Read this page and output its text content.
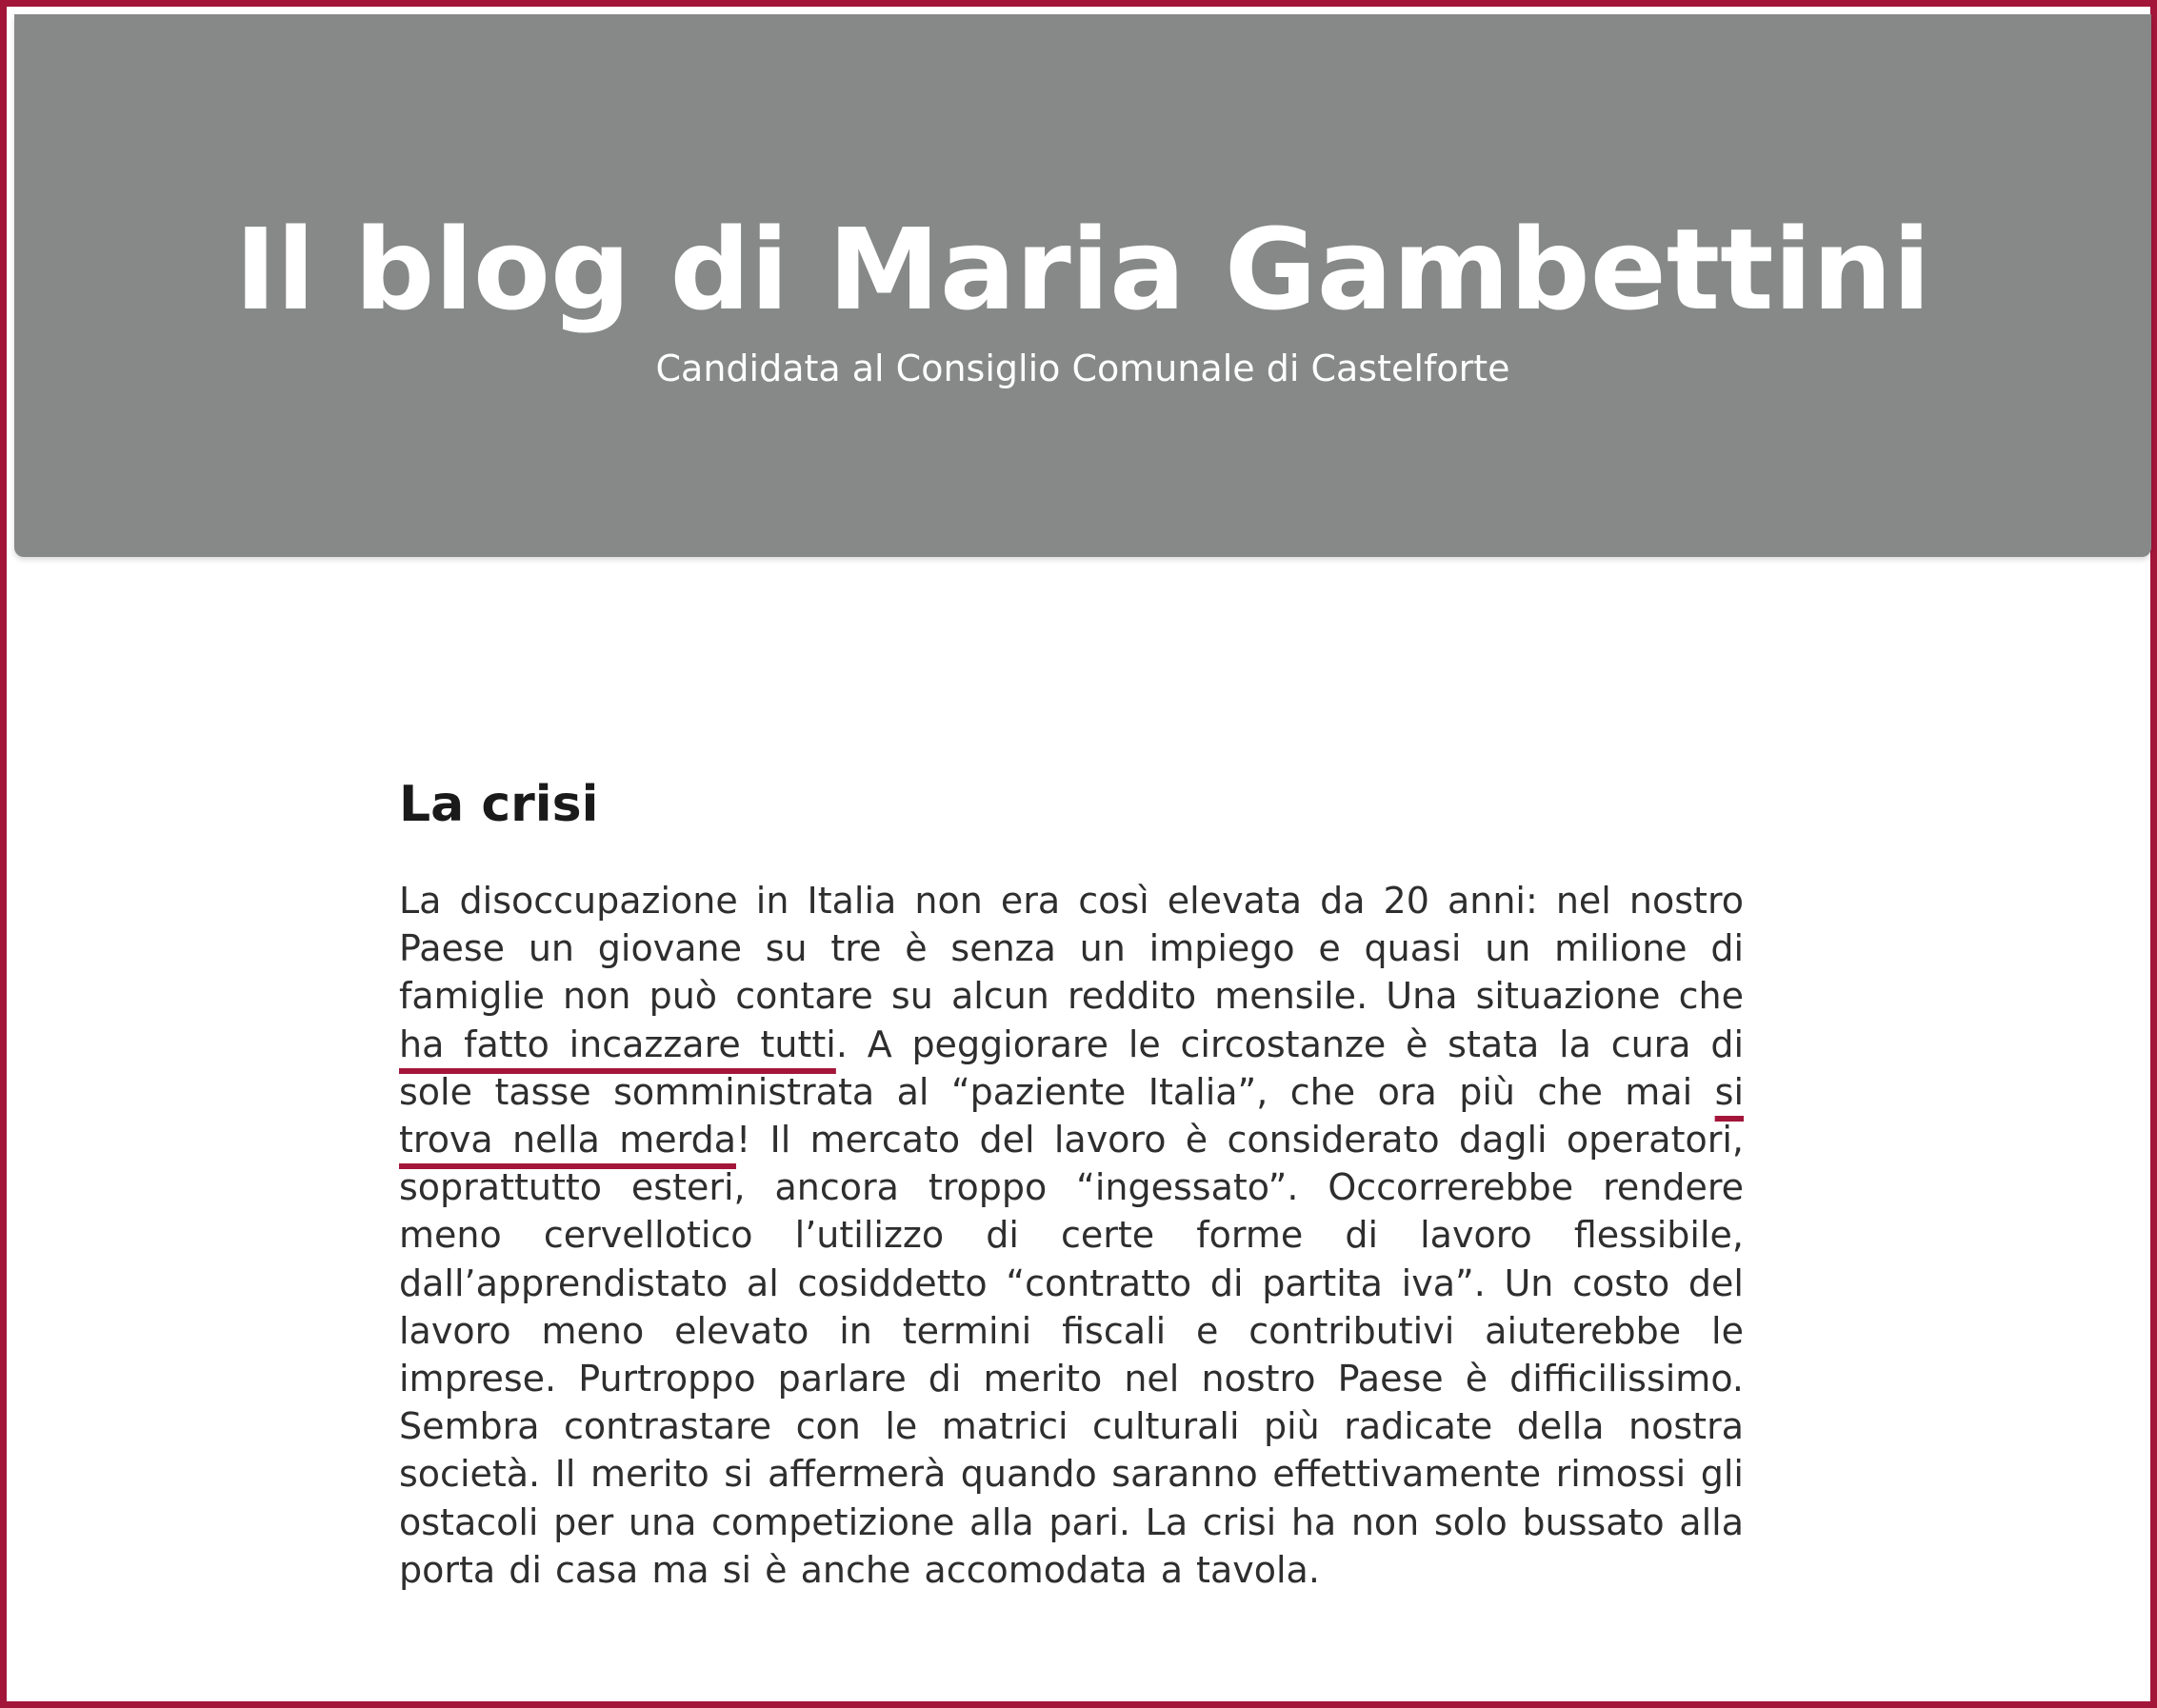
Il blog di Maria Gambettini

Candidata al Consiglio Comunale di Castelforte

La crisi

La disoccupazione in Italia non era così elevata da 20 anni: nel nostro Paese un giovane su tre è senza un impiego e quasi un milione di famiglie non può contare su alcun reddito mensile. Una situazione che ha fatto incazzare tutti. A peggiorare le circostanze è stata la cura di sole tasse somministrata al “paziente Italia”, che ora più che mai si trova nella merda! Il mercato del lavoro è considerato dagli operatori, soprattutto esteri, ancora troppo “ingessato”. Occorrerebbe rendere meno cervellotico l’utilizzo di certe forme di lavoro flessibile, dall’apprendistato al cosiddetto “contratto di partita iva”. Un costo del lavoro meno elevato in termini fiscali e contributivi aiuterebbe le imprese. Purtroppo parlare di merito nel nostro Paese è difficilissimo. Sembra contrastare con le matrici culturali più radicate della nostra società. Il merito si affermerà quando saranno effettivamente rimossi gli ostacoli per una competizione alla pari. La crisi ha non solo bussato alla porta di casa ma si è anche accomodata a tavola.
